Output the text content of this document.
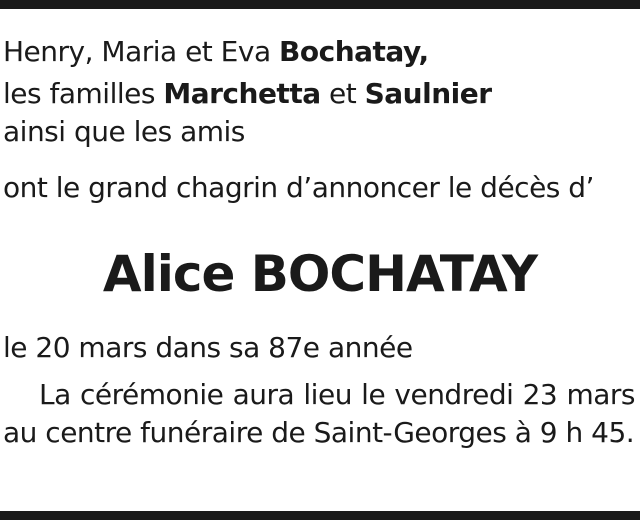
Henry, Maria et Eva Bochatay,
les familles Marchetta et Saulnier
ainsi que les amis
ont le grand chagrin d’annoncer le décès d’
Alice BOCHATAY
le 20 mars dans sa 87e année
La cérémonie aura lieu le vendredi 23 mars au centre funéraire de Saint-Georges à 9 h 45.
